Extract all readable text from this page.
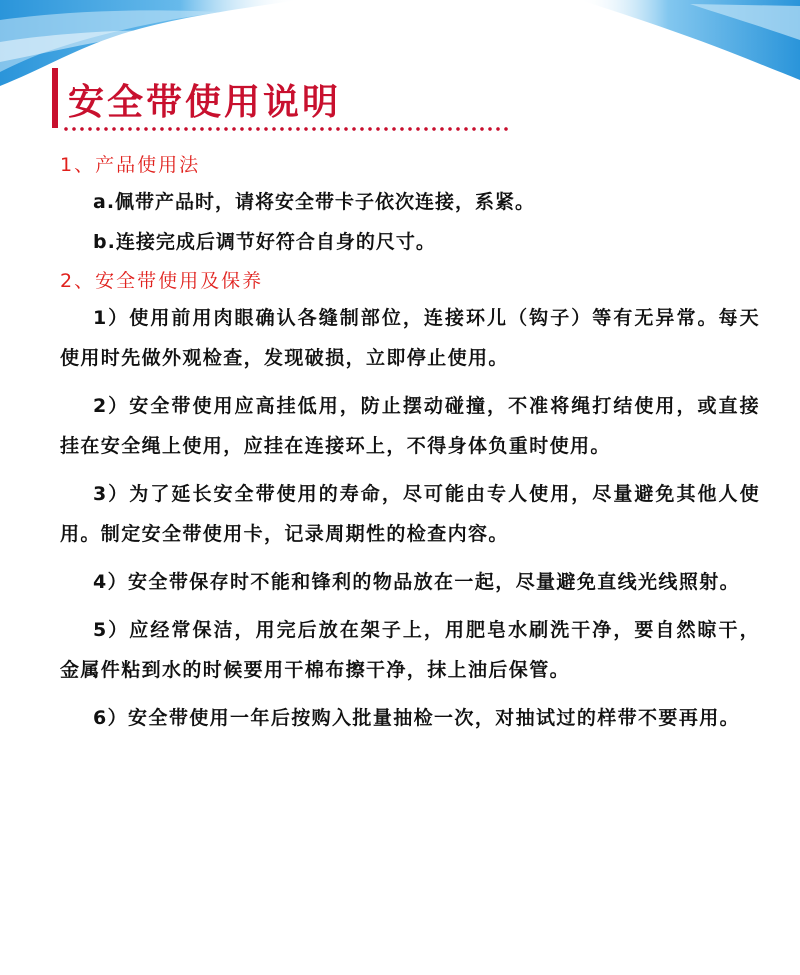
安全带使用说明
1、产品使用法
a.佩带产品时，请将安全带卡子依次连接，系紧。
b.连接完成后调节好符合自身的尺寸。
2、安全带使用及保养

1）使用前用肉眼确认各缝制部位，连接环儿（钩子）等有无异常。每天使用时先做外观检查，发现破损，立即停止使用。

2）安全带使用应高挂低用，防止摆动碰撞，不准将绳打结使用，或直接挂在安全绳上使用，应挂在连接环上，不得身体负重时使用。

3）为了延长安全带使用的寿命，尽可能由专人使用，尽量避免其他人使用。制定安全带使用卡，记录周期性的检查内容。

4）安全带保存时不能和锋利的物品放在一起，尽量避免直线光线照射。

5）应经常保洁，用完后放在架子上，用肥皂水刷洗干净，要自然晾干，金属件粘到水的时候要用干棉布擦干净，抹上油后保管。

6）安全带使用一年后按购入批量抽检一次，对抽试过的样带不要再用。
